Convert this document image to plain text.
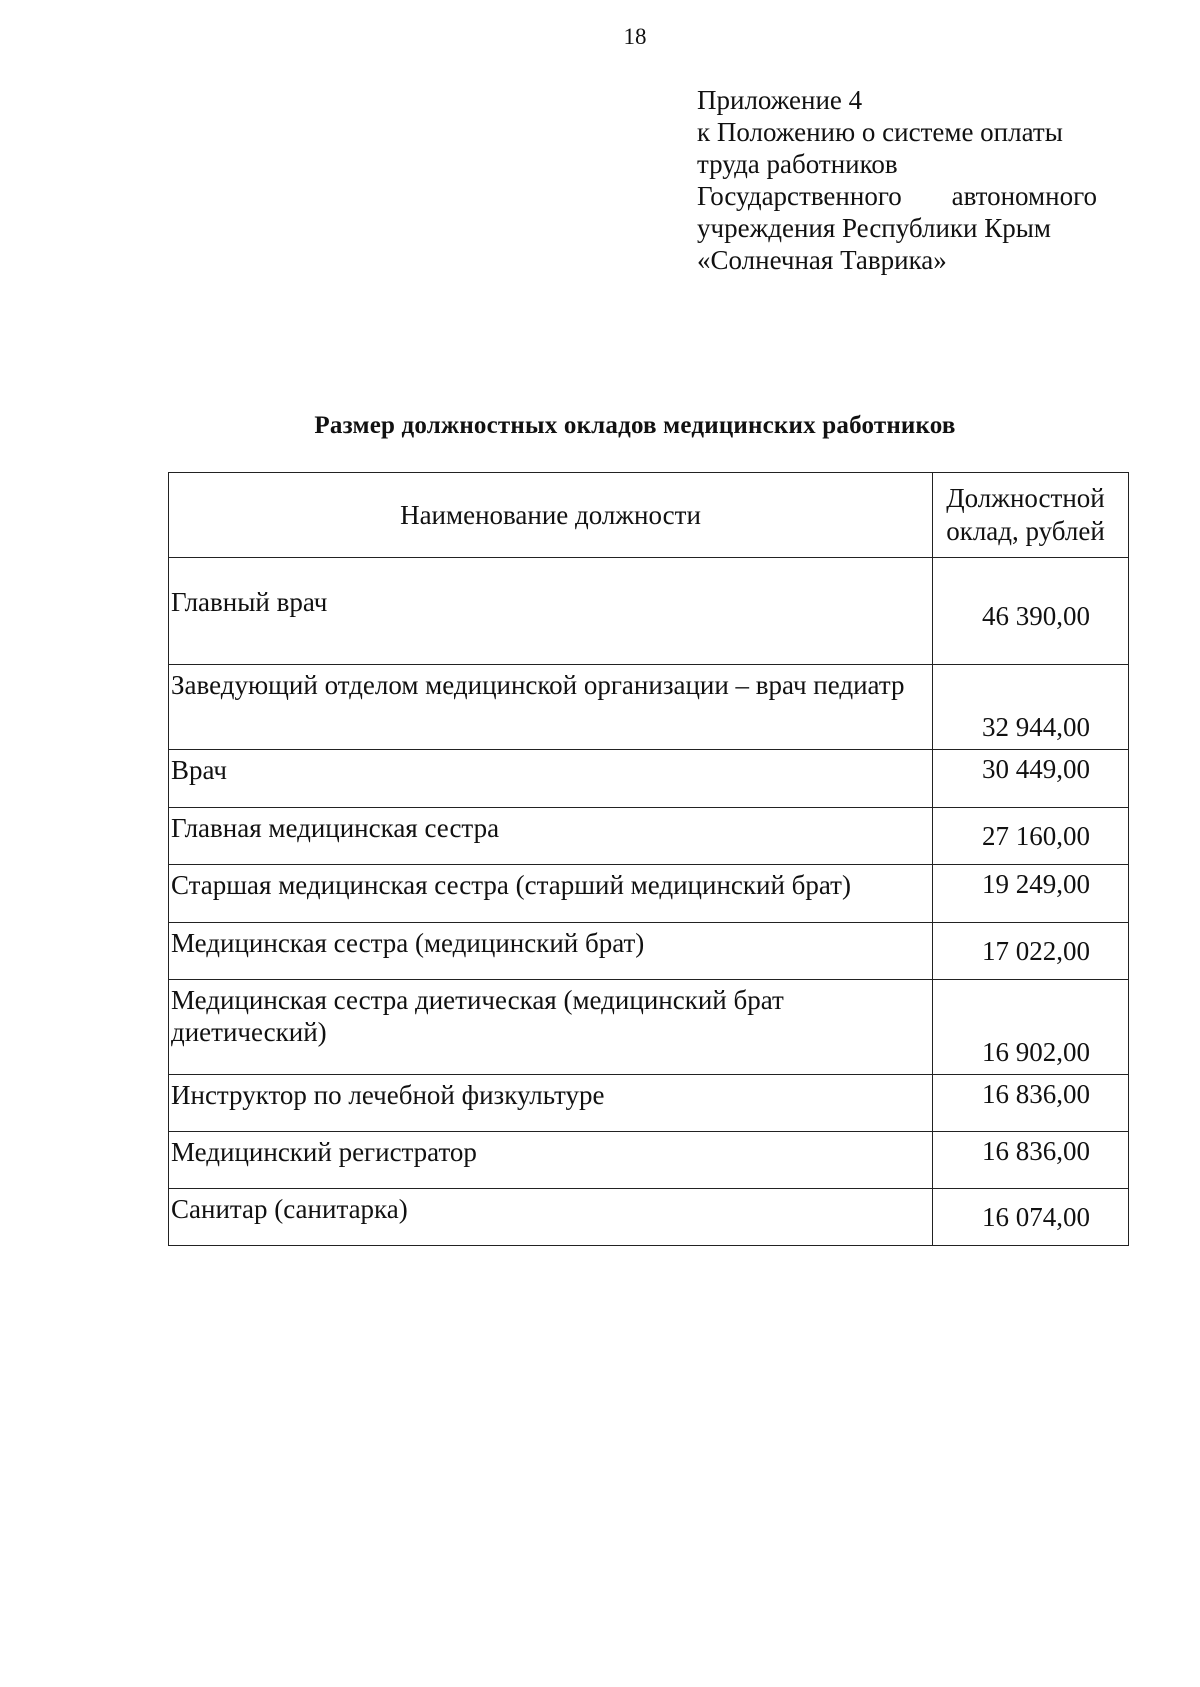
18
Приложение 4
к Положению о системе оплаты
труда работников
Государственного автономного
учреждения Республики Крым
«Солнечная Таврика»
Размер должностных окладов медицинских работников
Наименование должности	Должностной
оклад, рублей
Главный врач	46 390,00
Заведующий отделом медицинской организации – врач педиатр	32 944,00
Врач	30 449,00
Главная медицинская сестра	27 160,00
Старшая медицинская сестра (старший медицинский брат)	19 249,00
Медицинская сестра (медицинский брат)	17 022,00
Медицинская сестра диетическая (медицинский брат диетический)	16 902,00
Инструктор по лечебной физкультуре	16 836,00
Медицинский регистратор	16 836,00
Санитар (санитарка)	16 074,00
